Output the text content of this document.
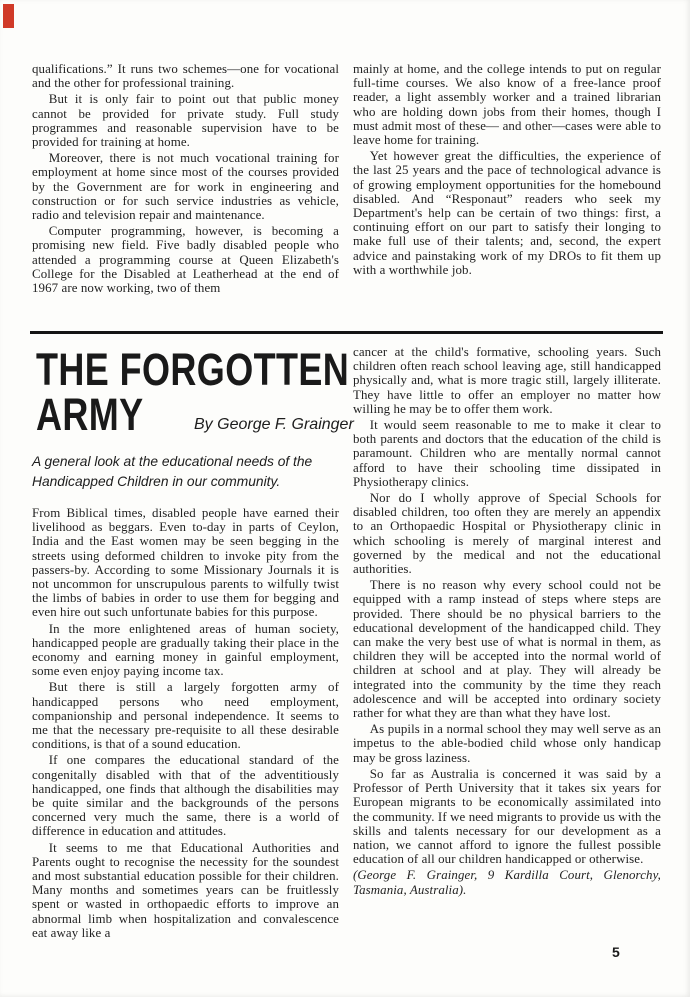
qualifications.” It runs two schemes—one for vocational and the other for professional training.

But it is only fair to point out that public money cannot be provided for private study. Full study programmes and reasonable supervision have to be provided for training at home.

Moreover, there is not much vocational training for employment at home since most of the courses provided by the Government are for work in engineering and construction or for such service industries as vehicle, radio and television repair and maintenance.

Computer programming, however, is becoming a promising new field. Five badly disabled people who attended a programming course at Queen Elizabeth's College for the Disabled at Leatherhead at the end of 1967 are now working, two of them

mainly at home, and the college intends to put on regular full-time courses. We also know of a free-lance proof reader, a light assembly worker and a trained librarian who are holding down jobs from their homes, though I must admit most of these— and other—cases were able to leave home for training.

Yet however great the difficulties, the experience of the last 25 years and the pace of technological advance is of growing employment opportunities for the homebound disabled. And “Responaut” readers who seek my Department's help can be certain of two things: first, a continuing effort on our part to satisfy their longing to make full use of their talents; and, second, the expert advice and painstaking work of my DROs to fit them up with a worthwhile job.

THE FORGOTTEN
ARMY	By George F. Grainger
A general look at the educational needs of the Handicapped Children in our community.

From Biblical times, disabled people have earned their livelihood as beggars. Even to-day in parts of Ceylon, India and the East women may be seen begging in the streets using deformed children to invoke pity from the passers-by. According to some Missionary Journals it is not uncommon for unscrupulous parents to wilfully twist the limbs of babies in order to use them for begging and even hire out such unfortunate babies for this purpose.

In the more enlightened areas of human society, handicapped people are gradually taking their place in the economy and earning money in gainful employment, some even enjoy paying income tax.

But there is still a largely forgotten army of handicapped persons who need employment, companionship and personal independence. It seems to me that the necessary pre-requisite to all these desirable conditions, is that of a sound education.

If one compares the educational standard of the congenitally disabled with that of the adventitiously handicapped, one finds that although the disabilities may be quite similar and the backgrounds of the persons concerned very much the same, there is a world of difference in education and attitudes.

It seems to me that Educational Authorities and Parents ought to recognise the necessity for the soundest and most substantial education possible for their children. Many months and sometimes years can be fruitlessly spent or wasted in orthopaedic efforts to improve an abnormal limb when hospitalization and convalescence eat away like a

cancer at the child's formative, schooling years. Such children often reach school leaving age, still handicapped physically and, what is more tragic still, largely illiterate. They have little to offer an employer no matter how willing he may be to offer them work.

It would seem reasonable to me to make it clear to both parents and doctors that the education of the child is paramount. Children who are mentally normal cannot afford to have their schooling time dissipated in Physiotherapy clinics.

Nor do I wholly approve of Special Schools for disabled children, too often they are merely an appendix to an Orthopaedic Hospital or Physiotherapy clinic in which schooling is merely of marginal interest and governed by the medical and not the educational authorities.

There is no reason why every school could not be equipped with a ramp instead of steps where steps are provided. There should be no physical barriers to the educational development of the handicapped child. They can make the very best use of what is normal in them, as children they will be accepted into the normal world of children at school and at play. They will already be integrated into the community by the time they reach adolescence and will be accepted into ordinary society rather for what they are than what they have lost.

As pupils in a normal school they may well serve as an impetus to the able-bodied child whose only handicap may be gross laziness.

So far as Australia is concerned it was said by a Professor of Perth University that it takes six years for European migrants to be economically assimilated into the community. If we need migrants to provide us with the skills and talents necessary for our development as a nation, we cannot afford to ignore the fullest possible education of all our children handicapped or otherwise.

(George F. Grainger, 9 Kardilla Court, Glenorchy, Tasmania, Australia).

5
